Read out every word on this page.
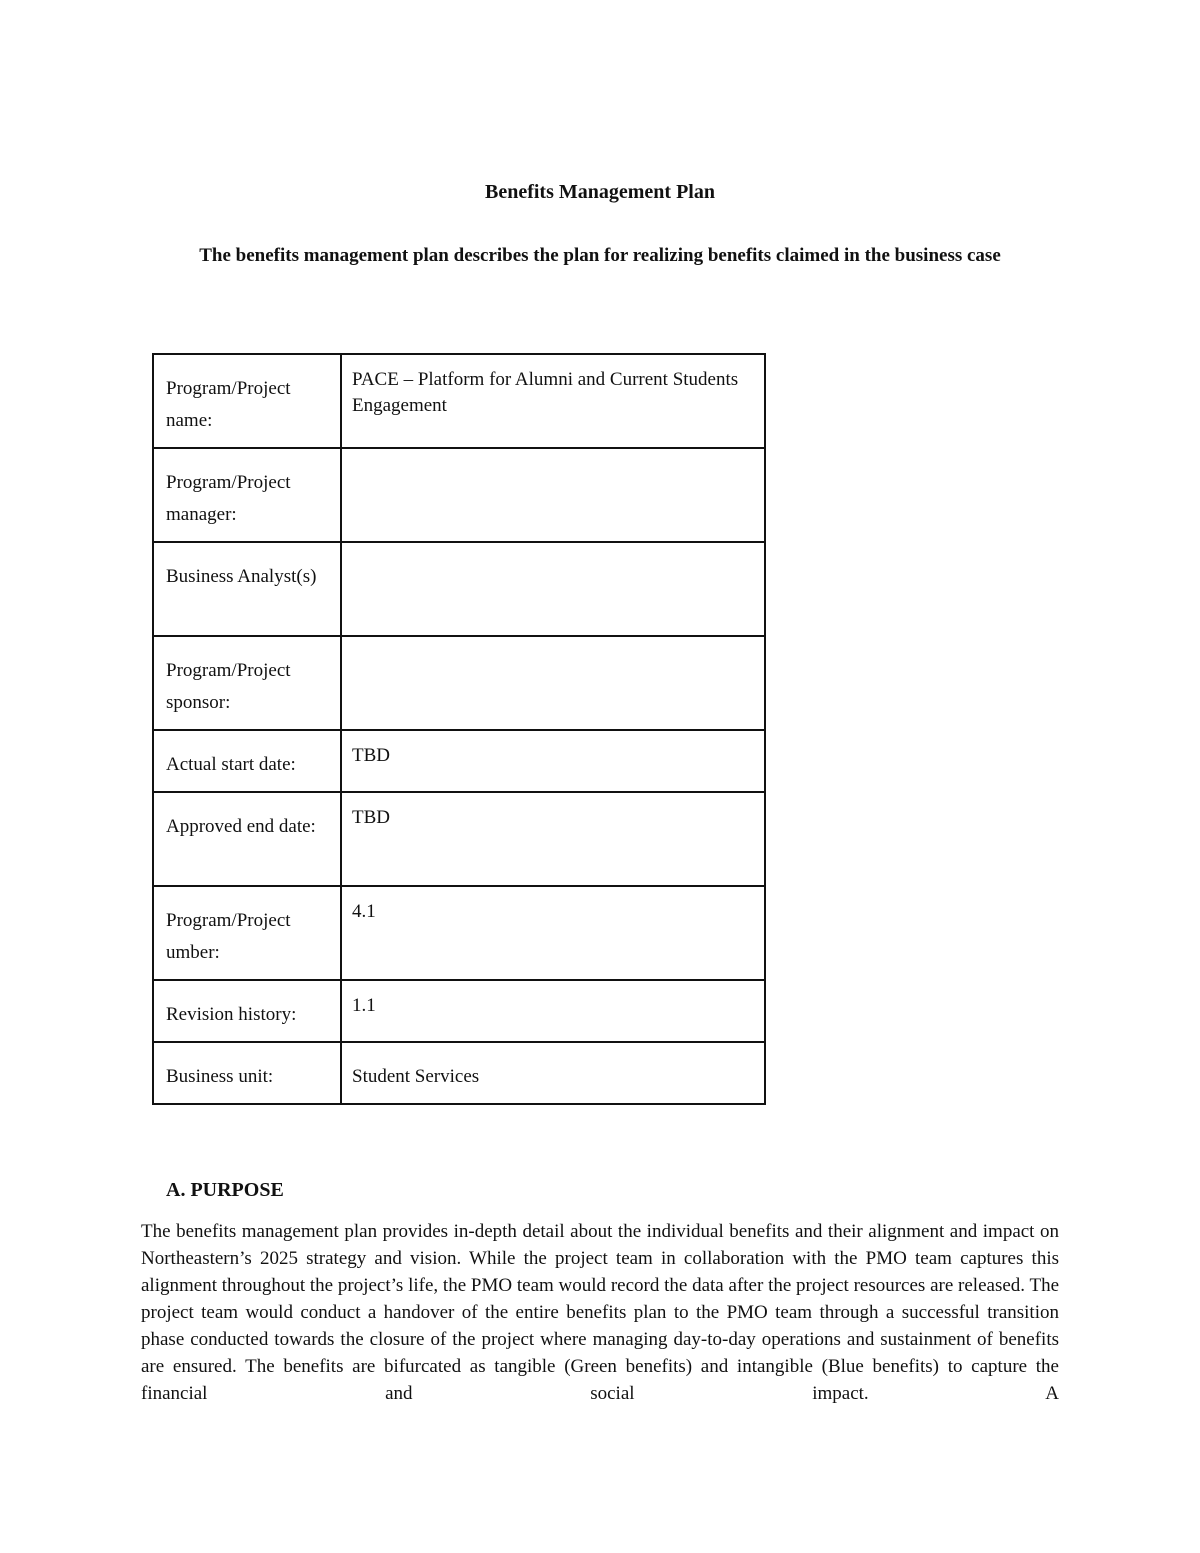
Benefits Management Plan
The benefits management plan describes the plan for realizing benefits claimed in the business case
Program/Project name:	PACE – Platform for Alumni and Current Students Engagement

Program/Project manager:	

Business Analyst(s)	

Program/Project sponsor:	

Actual start date:	TBD

Approved end date:	TBD

Program/Project umber:	4.1

Revision history:	1.1

Business unit:	Student Services
A. PURPOSE
The benefits management plan provides in-depth detail about the individual benefits and their alignment and impact on Northeastern’s 2025 strategy and vision. While the project team in collaboration with the PMO team captures this alignment throughout the project’s life, the PMO team would record the data after the project resources are released. The project team would conduct a handover of the entire benefits plan to the PMO team through a successful transition phase conducted towards the closure of the project where managing day-to-day operations and sustainment of benefits are ensured. The benefits are bifurcated as tangible (Green benefits) and intangible (Blue benefits) to capture the financial and social impact. A
